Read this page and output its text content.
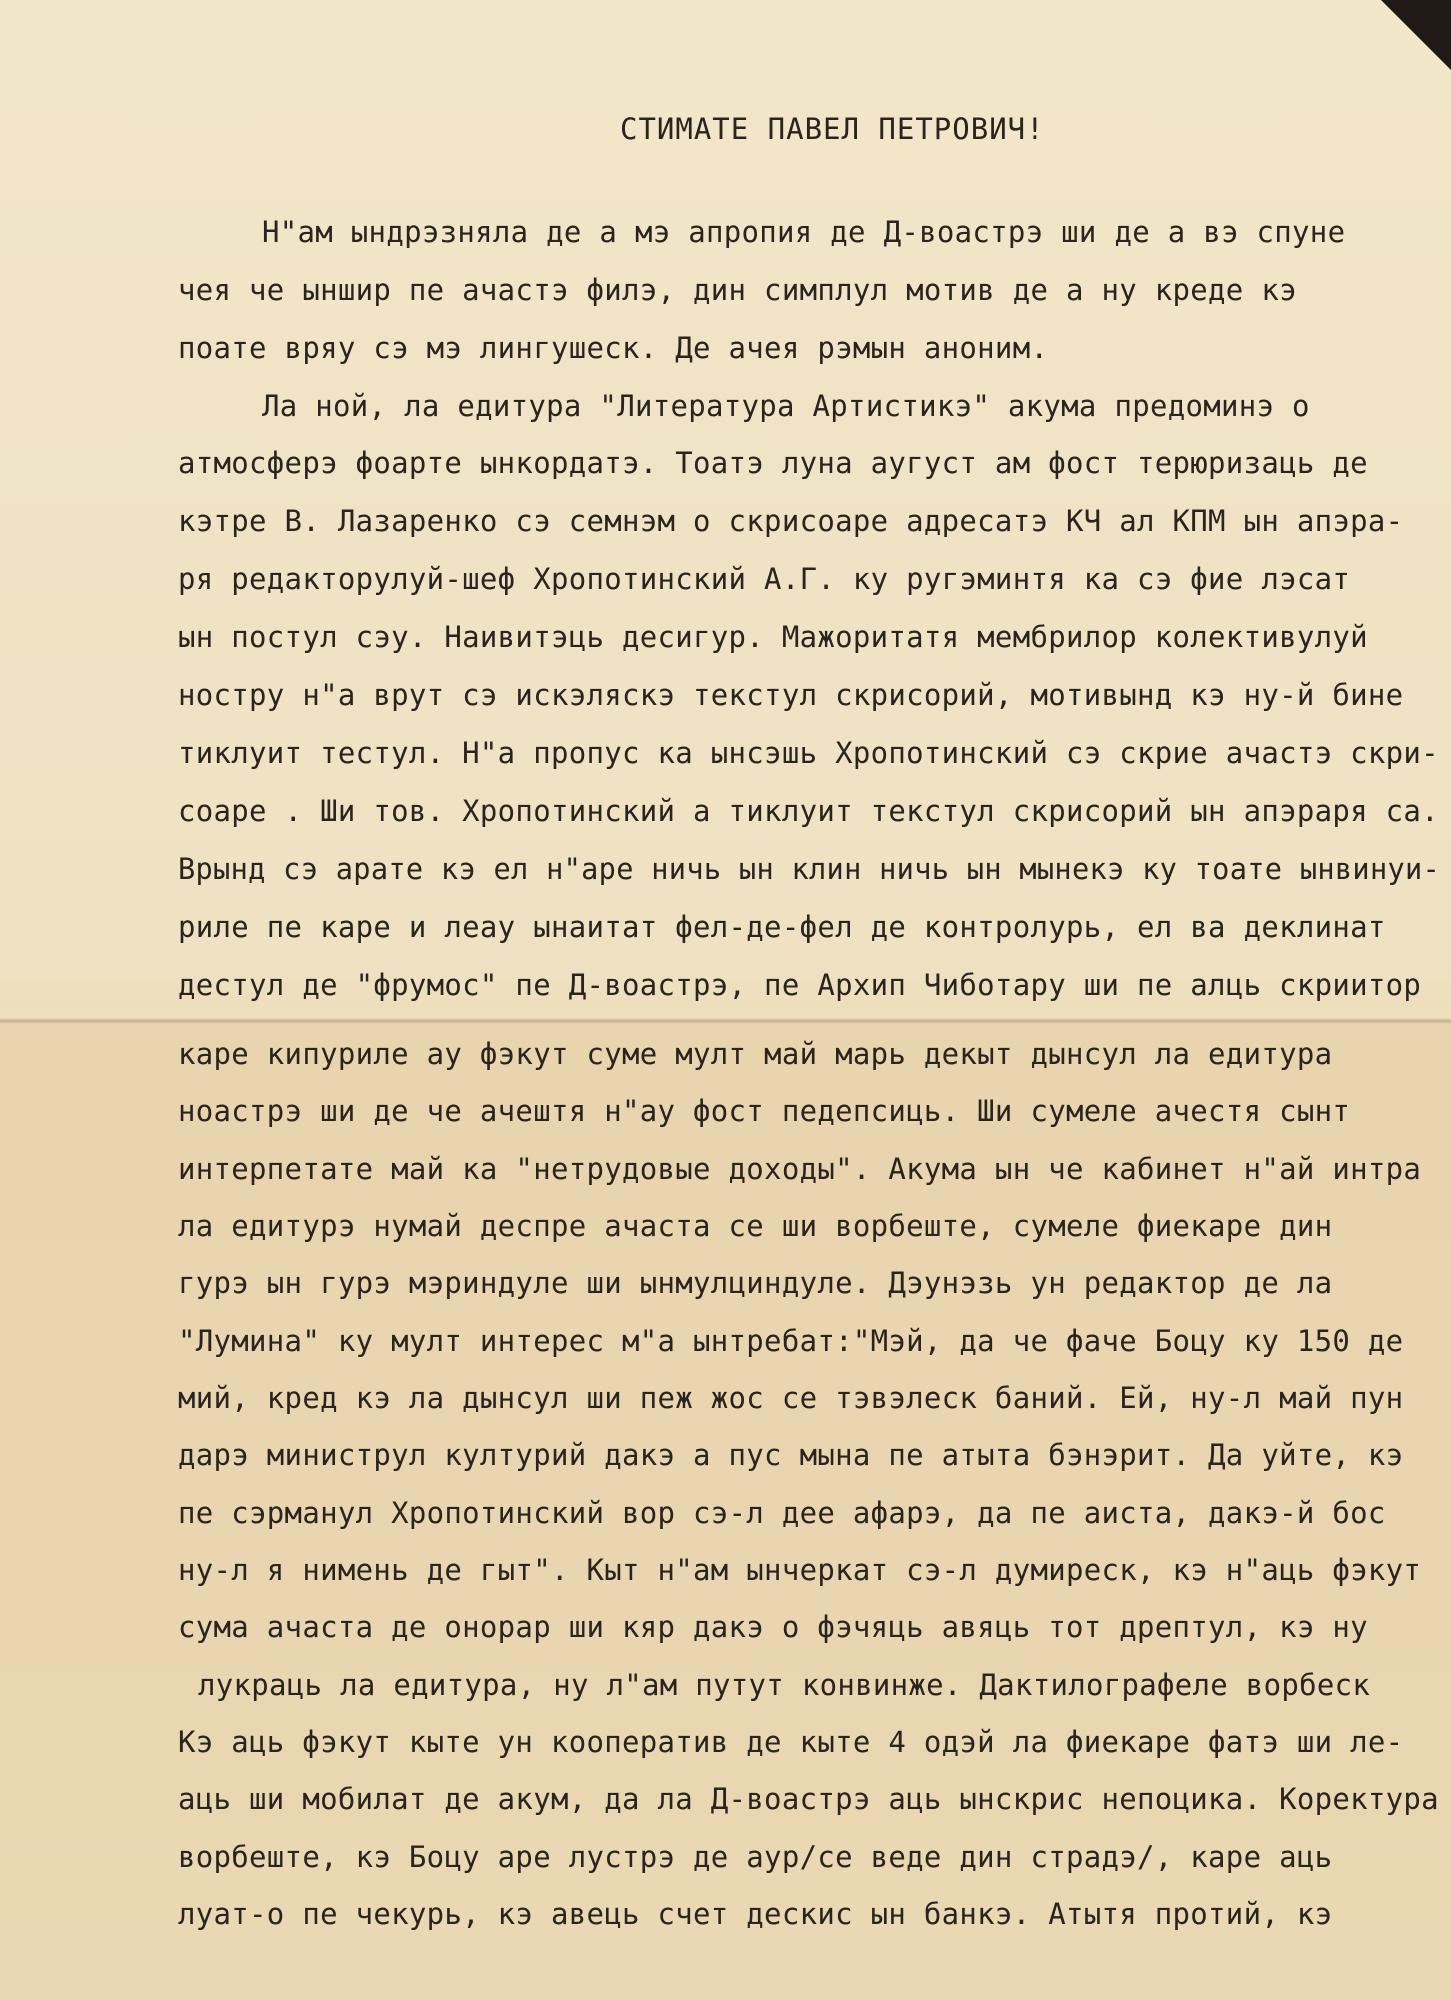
СТИМАТЕ ПАВЕЛ ПЕТРОВИЧ!
Н"ам ындрэзняла де а мэ апропия де Д-воастрэ ши де а вэ спуне
чея че ыншир пе ачастэ филэ, дин симплул мотив де а ну креде кэ
поате вряу сэ мэ лингушеск. Де ачея рэмын аноним.
Ла ной, ла едитура "Литература Артистикэ" акума предоминэ о
атмосферэ фоарте ынкордатэ. Тоатэ луна аугуст ам фост терюризаць де
кэтре В. Лазаренко сэ семнэм о скрисоаре адресатэ КЧ ал КПМ ын апэра-
ря редакторулуй-шеф Хропотинский А.Г. ку ругэминтя ка сэ фие лэсат
ын постул сэу. Наивитэць десигур. Мажоритатя мембрилор колективулуй
ностру н"а врут сэ искэляскэ текстул скрисорий, мотивынд кэ ну-й бине
тиклуит тестул. Н"а пропус ка ынсэшь Хропотинский сэ скрие ачастэ скри-
соаре . Ши тов. Хропотинский а тиклуит текстул скрисорий ын апэраря са.
Врынд сэ арате кэ ел н"аре ничь ын клин ничь ын мынекэ ку тоате ынвинуи-
риле пе каре и леау ынаитат фел-де-фел де контролурь, ел ва деклинат
дестул де "фрумос" пе Д-воастрэ, пе Архип Чиботару ши пе алць скриитор
каре кипуриле ау фэкут суме мулт май марь декыт дынсул ла едитура
ноастрэ ши де че ачештя н"ау фост педепсиць. Ши сумеле ачестя сынт
интерпетате май ка "нетрудовые доходы". Акума ын че кабинет н"ай интра
ла едитурэ нумай деспре ачаста се ши ворбеште, сумеле фиекаре дин
гурэ ын гурэ мэриндуле ши ынмулциндуле. Дэунэзь ун редактор де ла
"Лумина" ку мулт интерес м"а ынтребат:"Мэй, да че фаче Боцу ку 150 де
мий, кред кэ ла дынсул ши пеж жос се тэвэлеск баний. Ей, ну-л май пун
дарэ министрул културий дакэ а пус мына пе атыта бэнэрит. Да уйте, кэ
пе сэрманул Хропотинский вор сэ-л дее афарэ, да пе аиста, дакэ-й бос
ну-л я нимень де гыт". Кыт н"ам ынчеркат сэ-л думиреск, кэ н"аць фэкут
сума ачаста де онорар ши кяр дакэ о фэчяць авяць тот дрептул, кэ ну
лукраць ла едитура, ну л"ам путут конвинже. Дактилографеле ворбеск
Кэ аць фэкут кыте ун кооператив де кыте 4 одэй ла фиекаре фатэ ши ле-
аць ши мобилат де акум, да ла Д-воастрэ аць ынскрис непоцика. Коректура
ворбеште, кэ Боцу аре лустрэ де аур/се веде дин страдэ/, каре аць
луат-о пе чекурь, кэ авець счет дескис ын банкэ. Атытя протий, кэ
